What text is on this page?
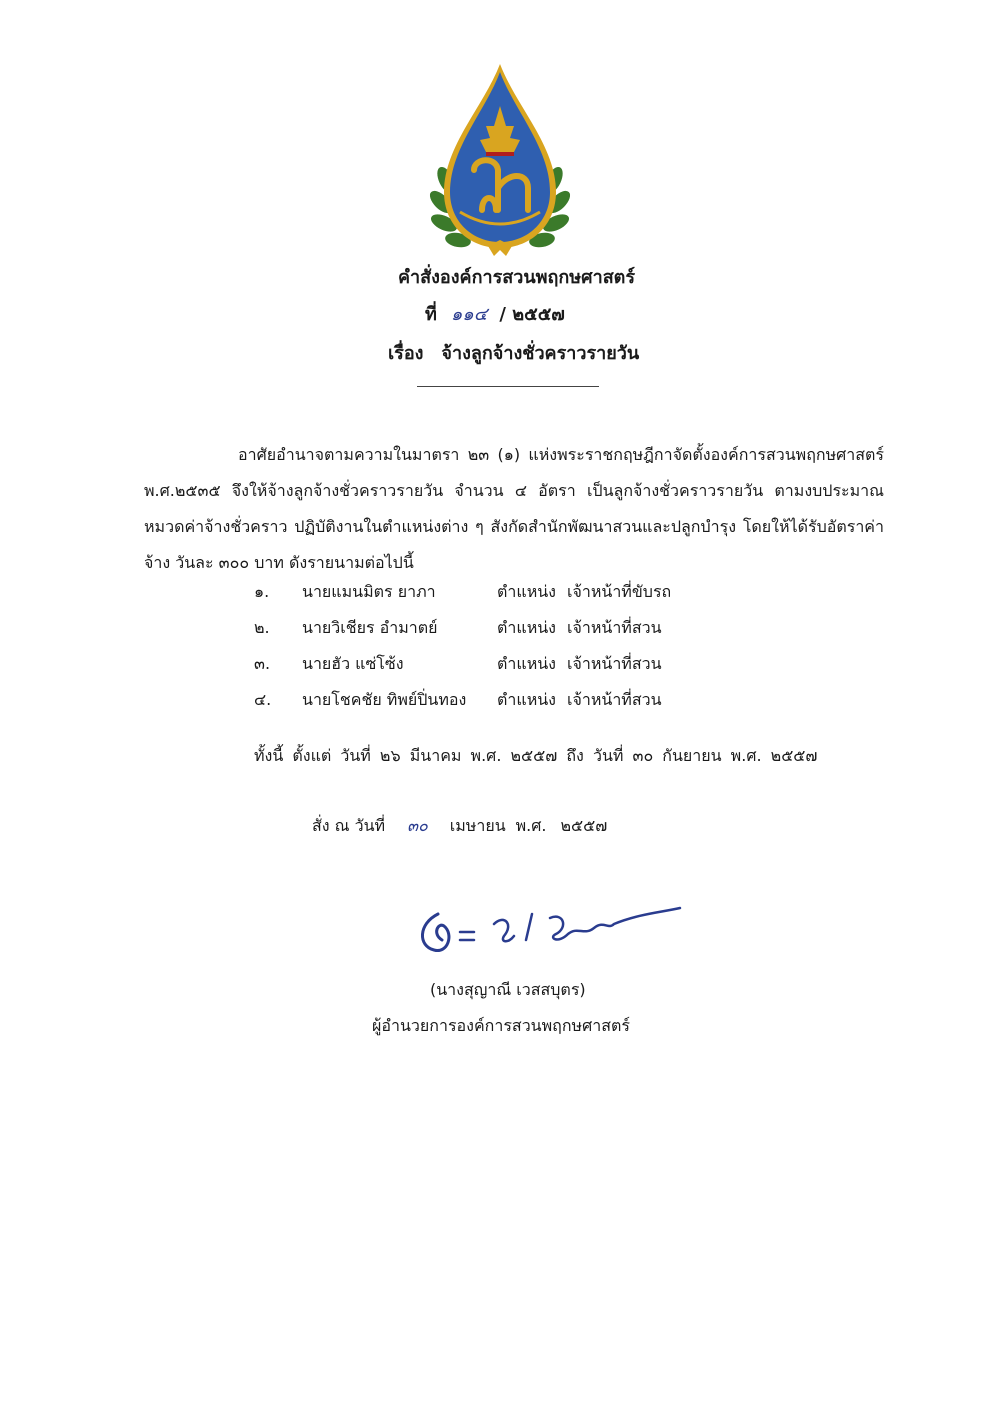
คำสั่งองค์การสวนพฤกษศาสตร์
ที่ ๑๑๔ / ๒๕๕๗
เรื่อง จ้างลูกจ้างชั่วคราวรายวัน

อาศัยอำนาจตามความในมาตรา ๒๓ (๑) แห่งพระราชกฤษฎีกาจัดตั้งองค์การสวนพฤกษศาสตร์ พ.ศ.๒๕๓๕ จึงให้จ้างลูกจ้างชั่วคราวรายวัน จำนวน ๔ อัตรา เป็นลูกจ้างชั่วคราวรายวัน ตามงบประมาณ หมวดค่าจ้างชั่วคราว ปฏิบัติงานในตำแหน่งต่าง ๆ สังกัดสำนักพัฒนาสวนและปลูกบำรุง โดยให้ได้รับอัตราค่าจ้าง วันละ ๓๐๐ บาท ดังรายนามต่อไปนี้

๑. นายแมนมิตร ยาภา	ตำแหน่ง เจ้าหน้าที่ขับรถ
๒. นายวิเชียร อำมาตย์	ตำแหน่ง เจ้าหน้าที่สวน
๓. นายฮัว แซ่โซ้ง	ตำแหน่ง เจ้าหน้าที่สวน
๔. นายโชคชัย ทิพย์ปิ่นทอง ตำแหน่ง เจ้าหน้าที่สวน
ทั้งนี้ ตั้งแต่ วันที่ ๒๖ มีนาคม พ.ศ. ๒๕๕๗ ถึง วันที่ ๓๐ กันยายน พ.ศ. ๒๕๕๗
สั่ง ณ วันที่ ๓๐ เมษายน พ.ศ. ๒๕๕๗
(นางสุญาณี เวสสบุตร)
ผู้อำนวยการองค์การสวนพฤกษศาสตร์
